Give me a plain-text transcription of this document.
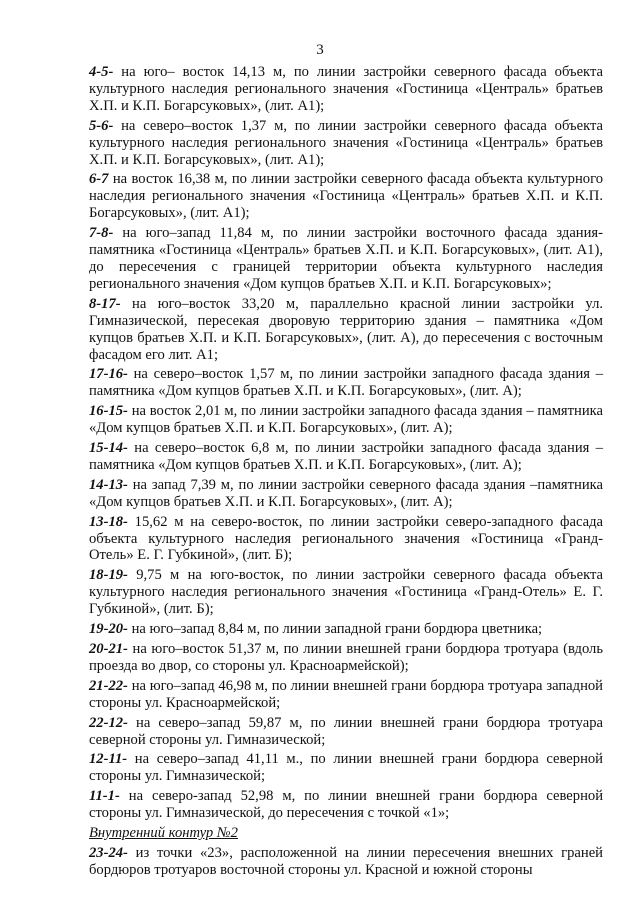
3

4-5- на юго– восток 14,13 м, по линии застройки северного фасада объекта культурного наследия регионального значения «Гостиница «Централь» братьев Х.П. и К.П. Богарсуковых», (лит. А1);

5-6- на северо–восток 1,37 м, по линии застройки северного фасада объекта культурного наследия регионального значения «Гостиница «Централь» братьев Х.П. и К.П. Богарсуковых», (лит. А1);

6-7 на восток 16,38 м, по линии застройки северного фасада объекта культурного наследия регионального значения «Гостиница «Централь» братьев Х.П. и К.П. Богарсуковых», (лит. А1);

7-8- на юго–запад 11,84 м, по линии застройки восточного фасада здания-памятника «Гостиница «Централь» братьев Х.П. и К.П. Богарсуковых», (лит. А1), до пересечения с границей территории объекта культурного наследия регионального значения «Дом купцов братьев Х.П. и К.П. Богарсуковых»;

8-17- на юго–восток 33,20 м, параллельно красной линии застройки ул. Гимназической, пересекая дворовую территорию здания – памятника «Дом купцов братьев Х.П. и К.П. Богарсуковых», (лит. А), до пересечения с восточным фасадом его лит. А1;

17-16- на северо–восток 1,57 м, по линии застройки западного фасада здания – памятника «Дом купцов братьев Х.П. и К.П. Богарсуковых», (лит. А);

16-15- на восток 2,01 м, по линии застройки западного фасада здания – памятника «Дом купцов братьев Х.П. и К.П. Богарсуковых», (лит. А);

15-14- на северо–восток 6,8 м, по линии застройки западного фасада здания – памятника «Дом купцов братьев Х.П. и К.П. Богарсуковых», (лит. А);

14-13- на запад 7,39 м, по линии застройки северного фасада здания –памятника «Дом купцов братьев Х.П. и К.П. Богарсуковых», (лит. А);

13-18- 15,62 м на северо-восток, по линии застройки северо-западного фасада объекта культурного наследия регионального значения «Гостиница «Гранд-Отель» Е. Г. Губкиной», (лит. Б);

18-19- 9,75 м на юго-восток, по линии застройки северного фасада объекта культурного наследия регионального значения «Гостиница «Гранд-Отель» Е. Г. Губкиной», (лит. Б);

19-20- на юго–запад 8,84 м, по линии западной грани бордюра цветника;

20-21- на юго–восток 51,37 м, по линии внешней грани бордюра тротуара (вдоль проезда во двор, со стороны ул. Красноармейской);

21-22- на юго–запад 46,98 м, по линии внешней грани бордюра тротуара западной стороны ул. Красноармейской;

22-12- на северо–запад 59,87 м, по линии внешней грани бордюра тротуара северной стороны ул. Гимназической;

12-11- на северо–запад 41,11 м., по линии внешней грани бордюра северной стороны ул. Гимназической;

11-1- на северо-запад 52,98 м, по линии внешней грани бордюра северной стороны ул. Гимназической, до пересечения с точкой «1»;

Внутренний контур №2

23-24- из точки «23», расположенной на линии пересечения внешних граней бордюров тротуаров восточной стороны ул. Красной и южной стороны
